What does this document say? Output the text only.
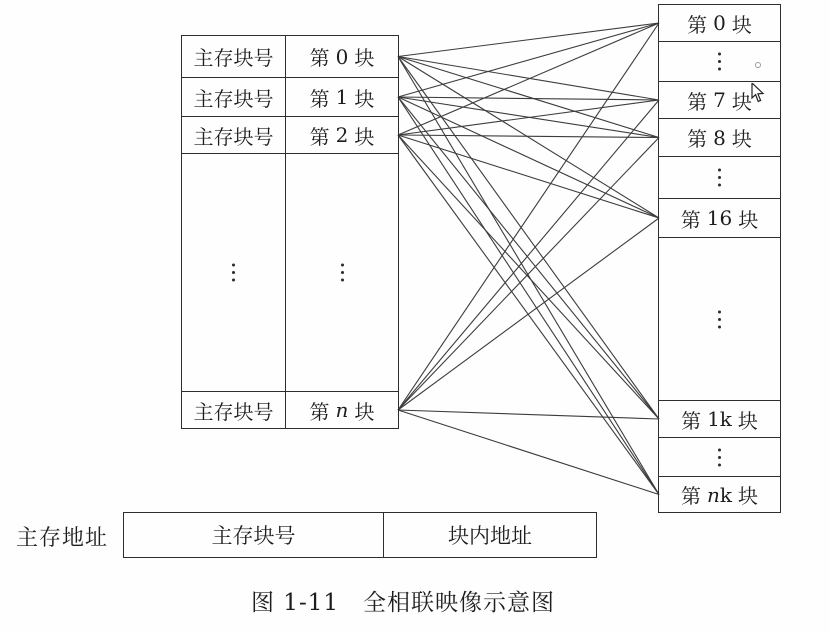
主存块号	第 0 块
主存块号	第 1 块
主存块号	第 2 块
主存块号	第 n 块
第 0 块
第 7 块
第 8 块
第 16 块
第 1k 块
第 nk 块
主存地址	主存块号	块内地址
图 1-11　全相联映像示意图
